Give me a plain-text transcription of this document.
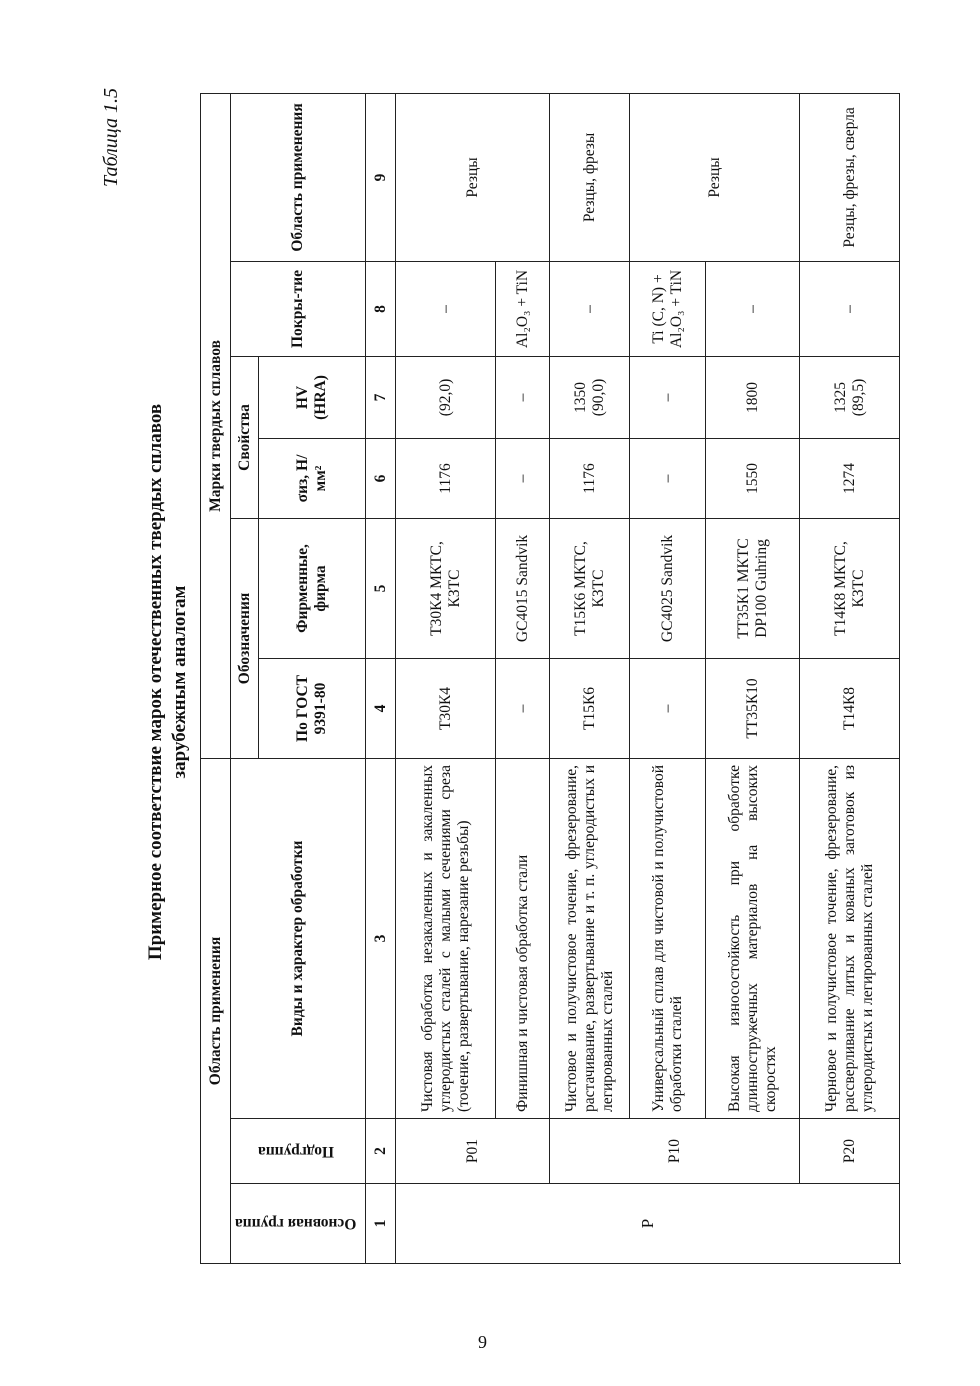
Таблица 1.5
Примерное соответствие марок отечественных твердых сплавов зарубежным аналогам
Область применения			Марки твердых сплавов					
Основная группа	Подгруппа	Виды и характер обработки	Обозначения		Свойства		Покры-тие	Область применения
			По ГОСТ 9391-80	Фирменные, фирма	σиз, Н/мм²	HV (HRA)		

1	2	3	4	5	6	7	8	9
P	P01	Чистовая обработка незакаленных и закаленных углеродистых сталей с малыми сечениями среза (точение, развертывание, нарезание резьбы)	Т30К4	Т30К4 МКТС, КЗТС	1176	(92,0)	–	Резцы
		Финишная и чистовая обработка стали	–	GC4015 Sandvik	–	–	Al₂O₃ + TiN	
	P10	Чистовое и получистовое точение, фрезерование, растачивание, развертывание и т. п. углеродистых и легированных сталей	Т15К6	Т15К6 МКТС, КЗТС	1176	1350 (90,0)	–	Резцы, фрезы
		Универсальный сплав для чистовой и получистовой обработки сталей	–	GC4025 Sandvik	–	–	Ti (C, N) + Al₂O₃ + TiN	Резцы
		Высокая износостойкость при обработке длинностружечных материалов на высоких скоростях	ТТ35К10	ТТ35К1 МКТС DP100 Guhring	1550	1800	–	
	P20	Черновое и получистовое точение, фрезерование, рассверливание литых и кованых заготовок из углеродистых и легированных сталей	Т14К8	Т14К8 МКТС, КЗТС	1274	1325 (89,5)	–	Резцы, фрезы, сверла

9
